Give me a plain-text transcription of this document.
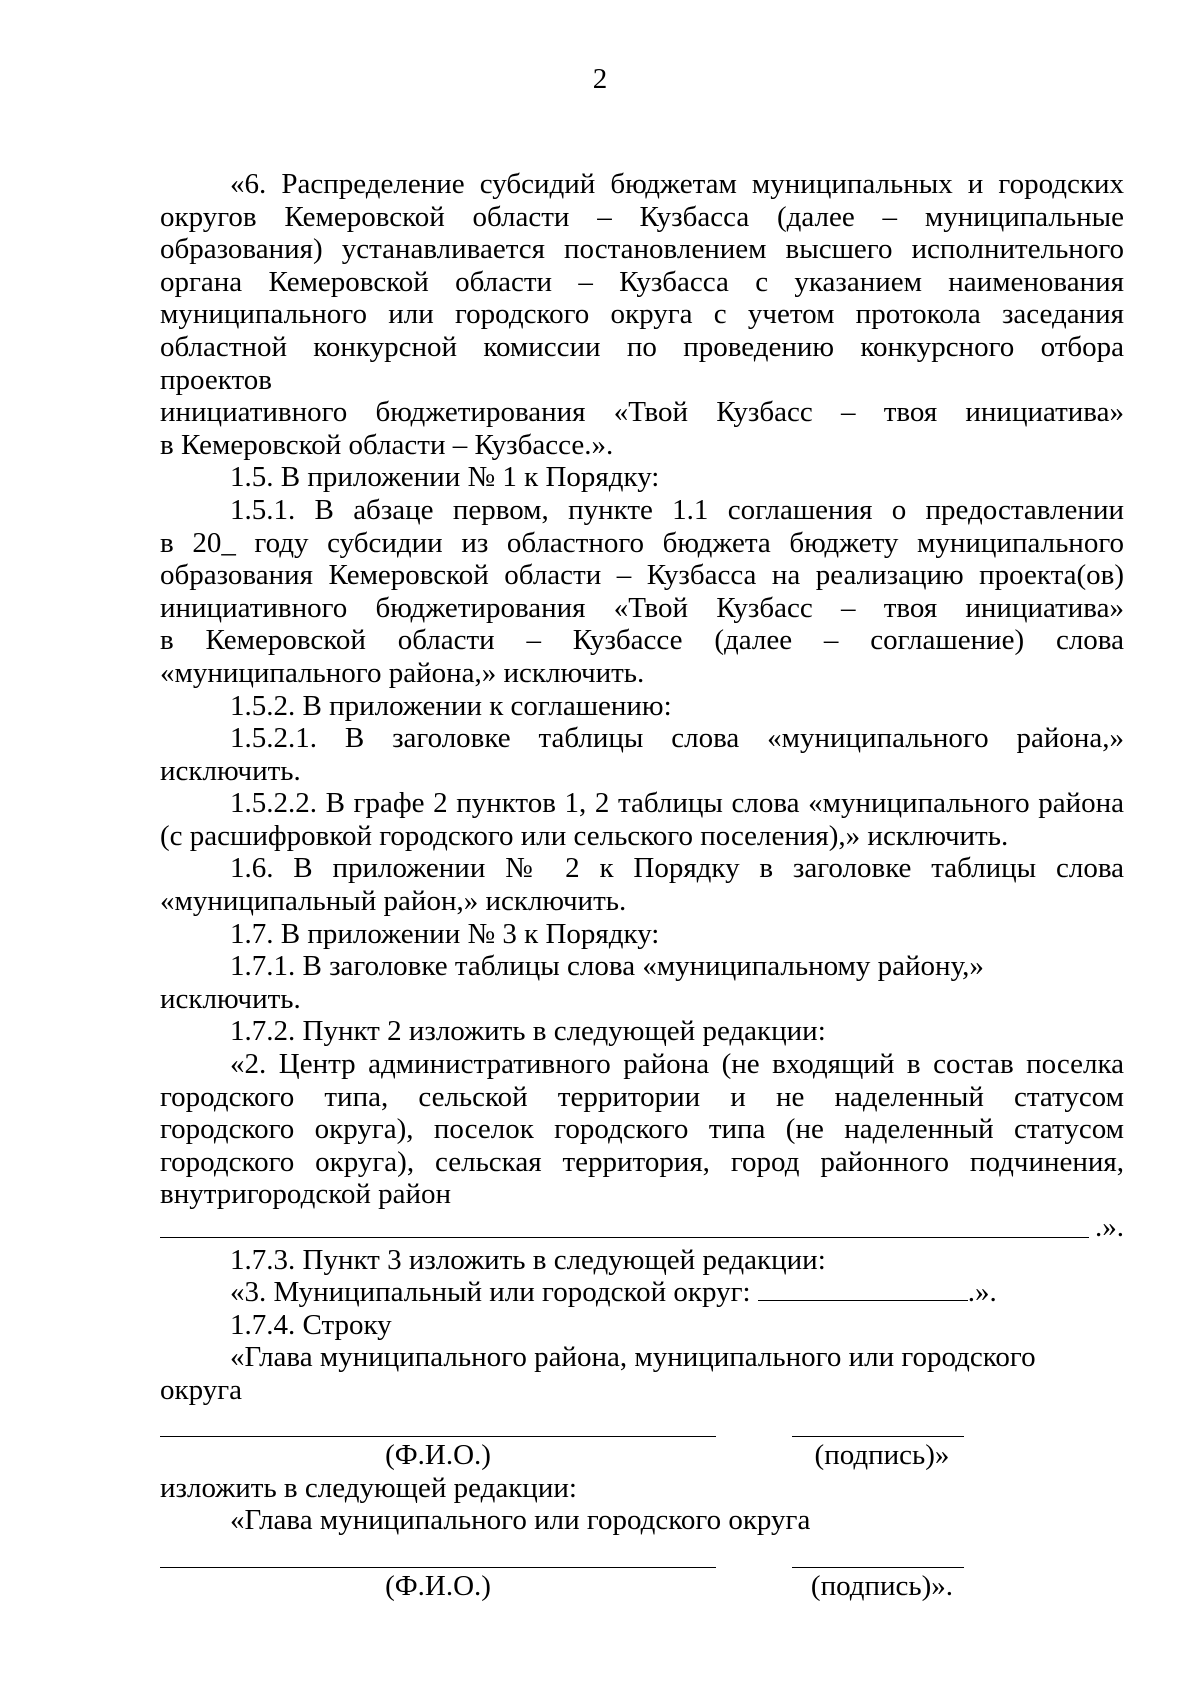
2

«6. Распределение субсидий бюджетам муниципальных и городских

округов Кемеровской области – Кузбасса (далее – муниципальные

образования) устанавливается постановлением высшего исполнительного

органа Кемеровской области – Кузбасса с указанием наименования

муниципального или городского округа с учетом протокола заседания

областной конкурсной комиссии по проведению конкурсного отбора проектов

инициативного бюджетирования «Твой Кузбасс – твоя инициатива»

в Кемеровской области – Кузбассе.».

1.5. В приложении № 1 к Порядку:

1.5.1. В абзаце первом, пункте 1.1 соглашения о предоставлении

в 20_ году субсидии из областного бюджета бюджету муниципального

образования Кемеровской области – Кузбасса на реализацию проекта(ов)

инициативного бюджетирования «Твой Кузбасс – твоя инициатива»

в Кемеровской области – Кузбассе (далее – соглашение) слова

«муниципального района,» исключить.

1.5.2. В приложении к соглашению:

1.5.2.1. В заголовке таблицы слова «муниципального района,»

исключить.

1.5.2.2. В графе 2 пунктов 1, 2 таблицы слова «муниципального района

(с расшифровкой городского или сельского поселения),» исключить.

1.6. В приложении № 2 к Порядку в заголовке таблицы слова

«муниципальный район,» исключить.

1.7. В приложении № 3 к Порядку:

1.7.1. В заголовке таблицы слова «муниципальному району,» исключить.

1.7.2. Пункт 2 изложить в следующей редакции:

«2. Центр административного района (не входящий в состав поселка

городского типа, сельской территории и не наделенный статусом

городского округа), поселок городского типа (не наделенный статусом

городского округа), сельская территория, город районного подчинения,

внутригородской район

.».

1.7.3. Пункт 3 изложить в следующей редакции:

«3. Муниципальный или городской округ:	.».

1.7.4. Строку

«Глава муниципального района, муниципального или городского округа

(Ф.И.О.)	(подпись)»

изложить в следующей редакции:

«Глава муниципального или городского округа

(Ф.И.О.)	(подпись)».
